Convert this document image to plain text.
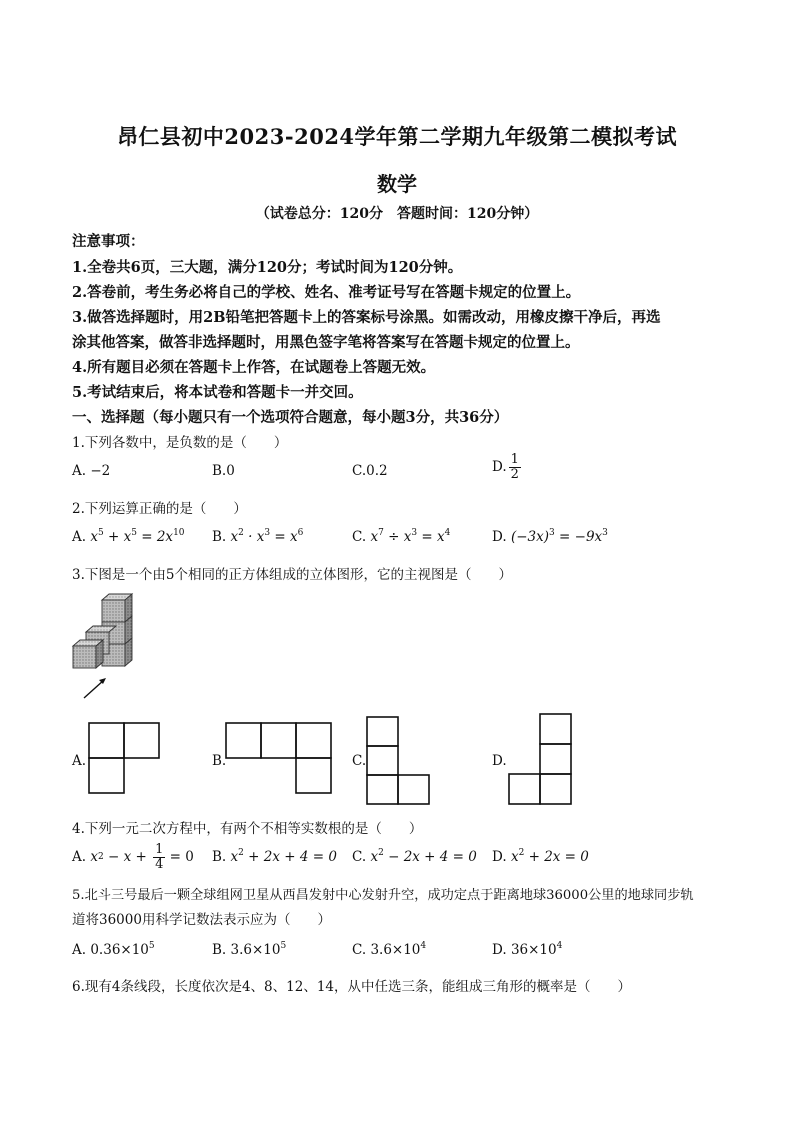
昂仁县初中2023-2024学年第二学期九年级第二模拟考试
数学
（试卷总分：120分　答题时间：120分钟）
注意事项：
1.全卷共6页，三大题，满分120分；考试时间为120分钟。
2.答卷前，考生务必将自己的学校、姓名、准考证号写在答题卡规定的位置上。
3.做答选择题时，用2B铅笔把答题卡上的答案标号涂黑。如需改动，用橡皮擦干净后，再选
涂其他答案，做答非选择题时，用黑色签字笔将答案写在答题卡规定的位置上。
4.所有题目必须在答题卡上作答，在试题卷上答题无效。
5.考试结束后，将本试卷和答题卡一并交回。
一、选择题（每小题只有一个选项符合题意，每小题3分，共36分）
1.下列各数中，是负数的是（　　）
A. −2	B.0	C.0.2	D. $\frac{1}{2}$
2.下列运算正确的是（　　）
A. $x^5 + x^5 = 2x^{10}$ B. $x^2 \cdot x^3 = x^6$	C. $x^7 \div x^3 = x^4$	D. $(-3x)^3 = -9x^3$
3.下图是一个由5个相同的正方体组成的立体图形，它的主视图是（　　）
A.	B.	C.	D.
4.下列一元二次方程中，有两个不相等实数根的是（　　）
A.
x $2 - x + \frac{1}{4} = 0$ B. $x^2 + 2x + 4 = 0$ C. $x^2 - 2x + 4 = 0$ D. $x^2 + 2x = 0$
5.北斗三号最后一颗全球组网卫星从西昌发射中心发射升空，成功定点于距离地球36000公里的地球同步轨
道将36000用科学记数法表示应为（　　）
A. $0.36\times 10^5$	B. $3.6\times 10^5$	C. $3.6\times 10^4$	D. $36\times 10^4$
6.现有4条线段，长度依次是4、8、12、14，从中任选三条，能组成三角形的概率是（　　）
